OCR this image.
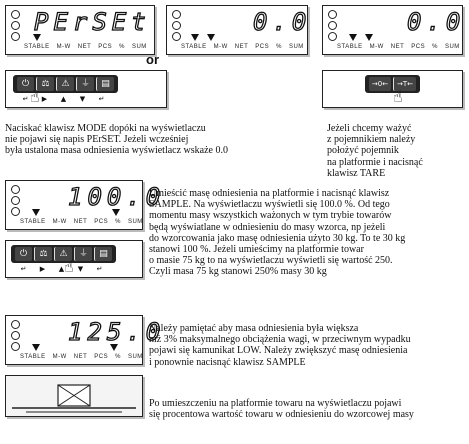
PErSEt
STABLE M-W NET PCS % SUM
or
0.0
STABLE M-W NET PCS % SUM
0.0
STABLE M-W NET PCS % SUM
⏻	⚖	⚠	⏚	▤
↵	▶	▲	▼	↵
☝
→0←	→T←
☝
Naciskać klawisz MODE dopóki na wyświetlaczu
nie pojawi się napis PErSET. Jeżeli wcześniej
była ustalona masa odniesienia wyświetlacz wskaże 0.0
Jeżeli chcemy ważyć
z pojemnikiem należy
położyć pojemnik
na platformie i nacisnąć
klawisz TARE
100.0
STABLE M-W NET PCS % SUM
⏻	⚖	⚠	⏚	▤
↵	▶	▲	▼	↵
☝
Umieścić masę odniesienia na platformie i nacisnąć klawisz
SAMPLE. Na wyświetlaczu wyświetli się 100.0 %. Od tego
momentu masy wszystkich ważonych w tym trybie towarów
będą wyświatlane w odniesieniu do masy wzorca, np jeżeli
do wzorcowania jako masę odniesienia użyto 30 kg. To te 30 kg
stanowi 100 %. Jeżeli umieścimy na platformie towar
o masie 75 kg to na wyświetlaczu wyświetli się wartość 250.
Czyli masa 75 kg stanowi 250% masy 30 kg
125.0
STABLE M-W NET PCS % SUM
Należy pamiętać aby masa odniesienia była większa
niż 3% maksymalnego obciążenia wagi, w przeciwnym wypadku
pojawi się kamunikat LOW. Należy zwiększyć masę odniesienia
i ponownie nacisnąć klawisz SAMPLE
Po umieszczeniu na platformie towaru na wyświetlaczu pojawi
się procentowa wartość towaru w odniesieniu do wzorcowej masy
